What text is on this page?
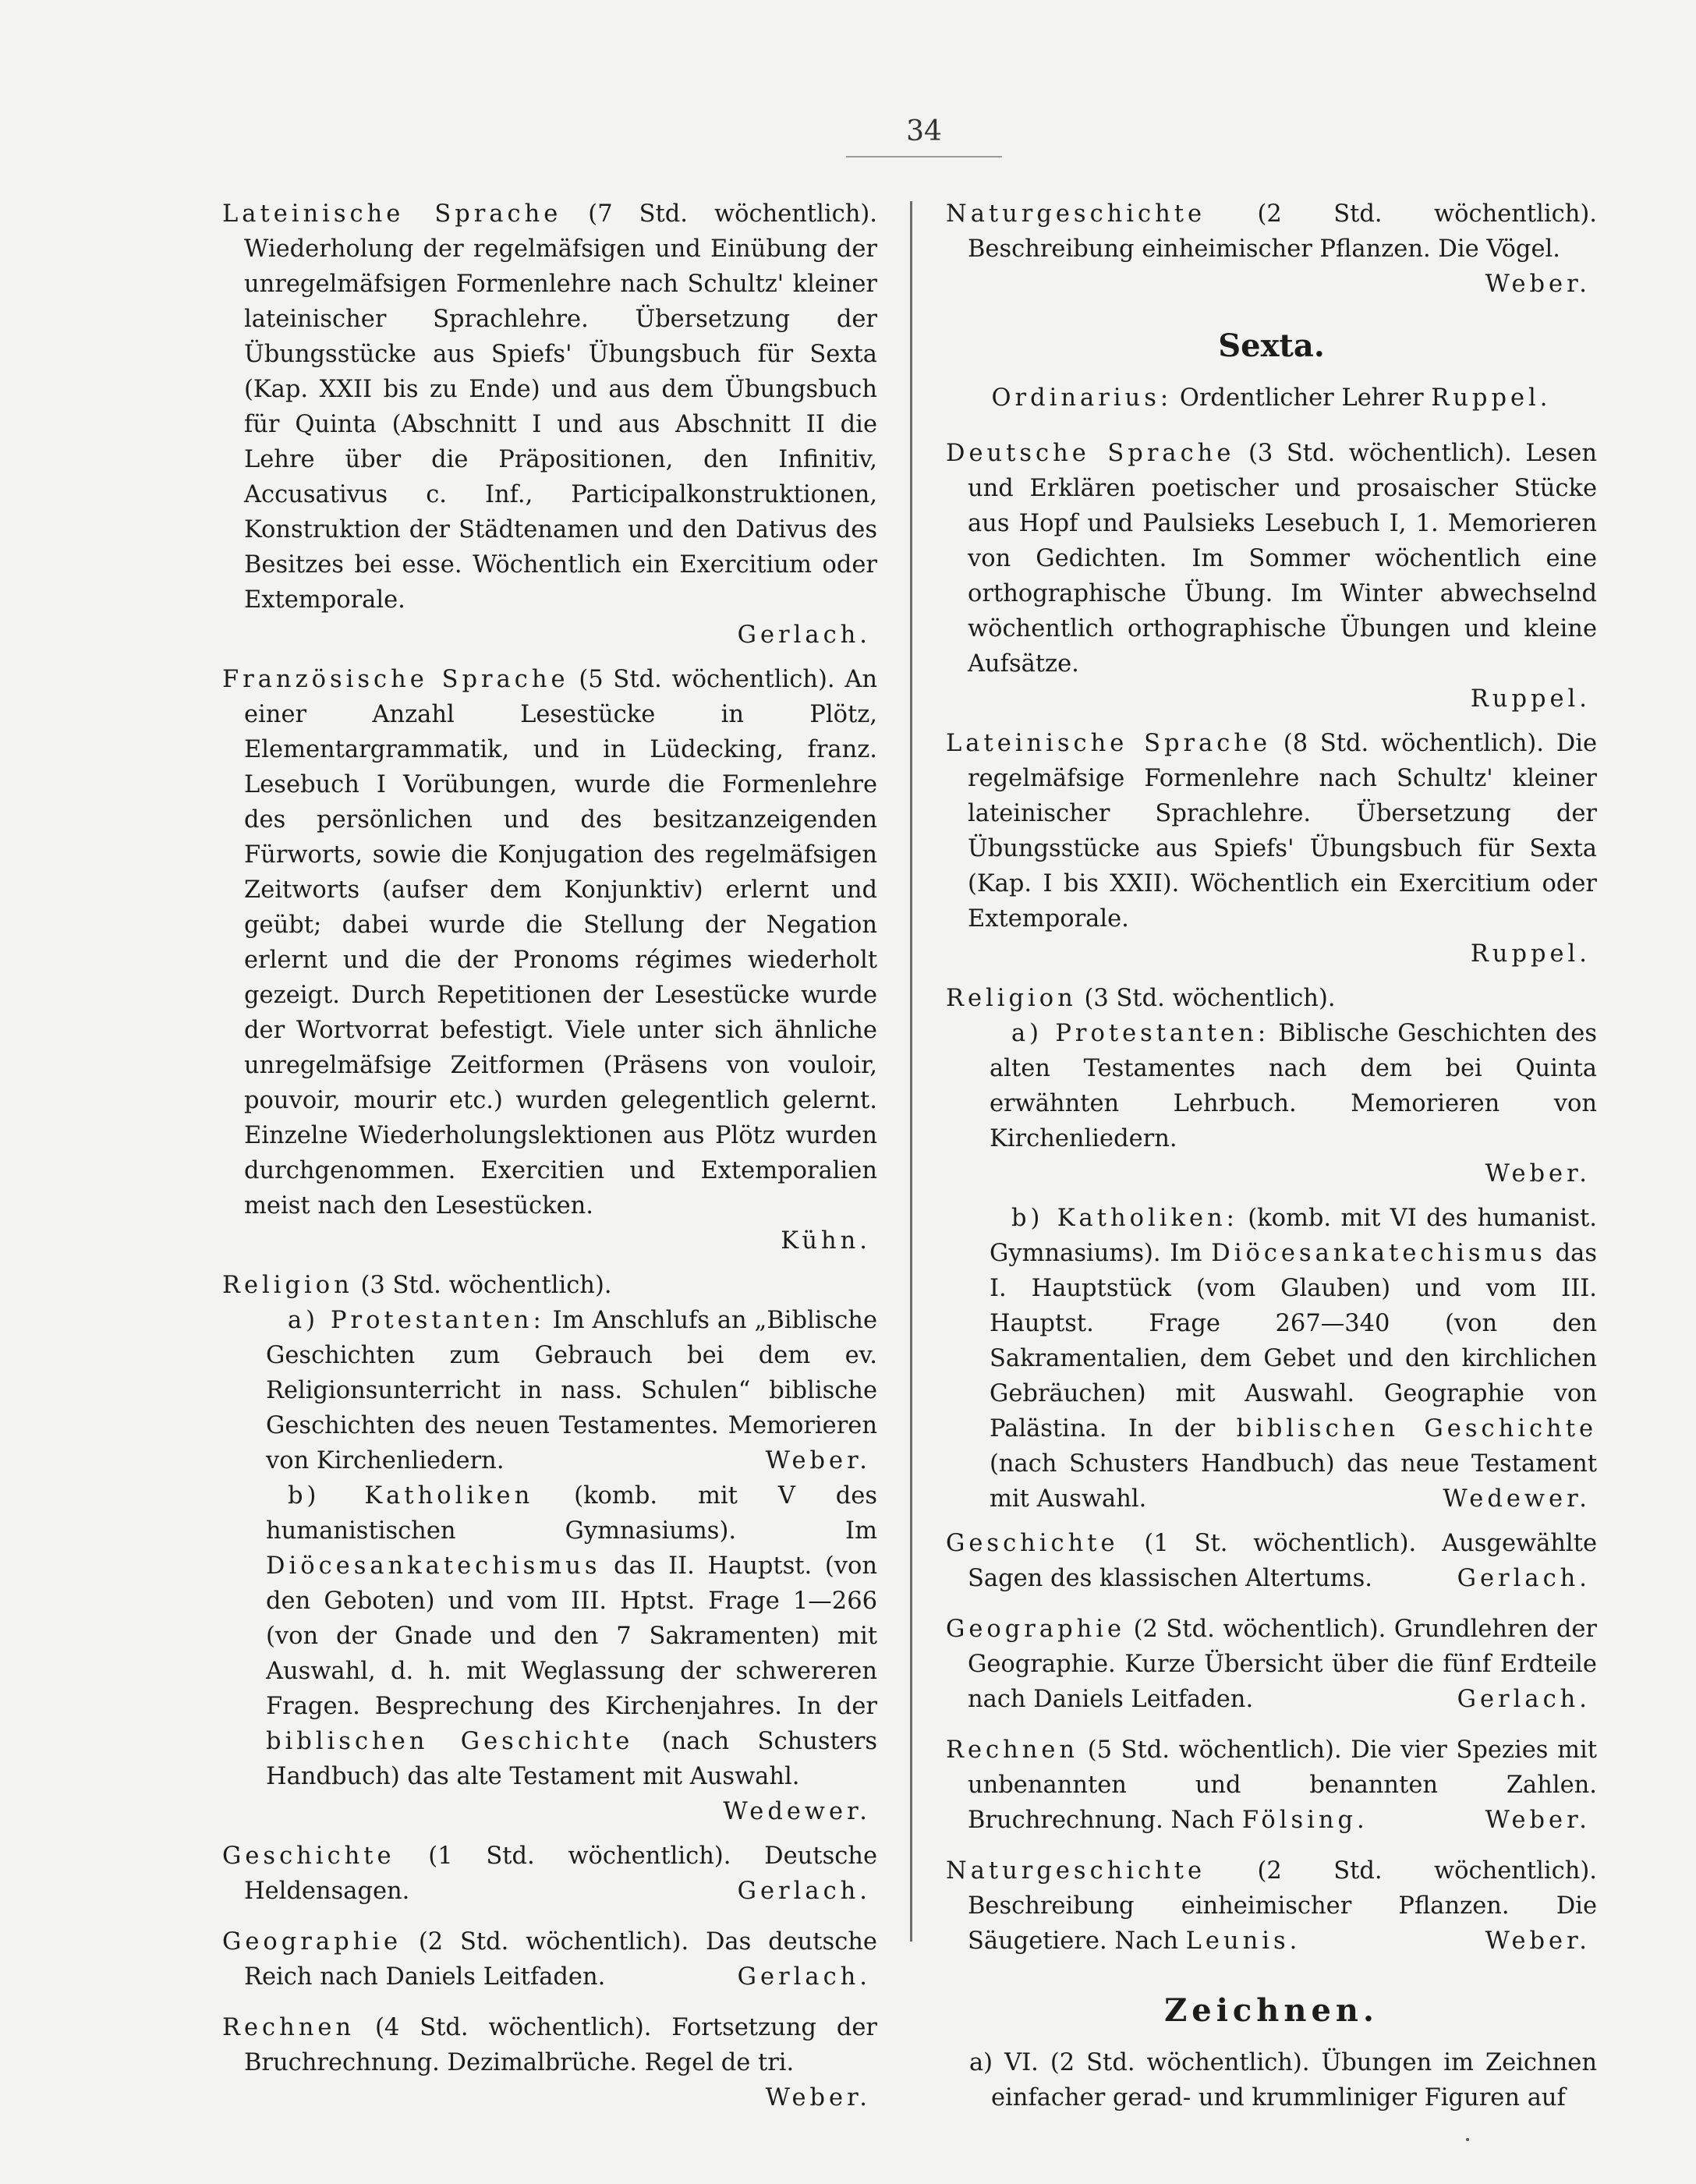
34

Lateinische Sprache (7 Std. wöchentlich). Wiederholung der regelmäfsigen und Einübung der unregelmäfsigen Formenlehre nach Schultz' kleiner lateinischer Sprachlehre. Übersetzung der Übungsstücke aus Spiefs' Übungsbuch für Sexta (Kap. XXII bis zu Ende) und aus dem Übungsbuch für Quinta (Abschnitt I und aus Abschnitt II die Lehre über die Präpositionen, den Infinitiv, Accusativus c. Inf., Participalkonstruktionen, Konstruktion der Städtenamen und den Dativus des Besitzes bei esse. Wöchentlich ein Exercitium oder Extemporale.
Gerlach.

Französische Sprache (5 Std. wöchentlich). An einer Anzahl Lesestücke in Plötz, Elementargrammatik, und in Lüdecking, franz. Lesebuch I Vorübungen, wurde die Formenlehre des persönlichen und des besitzanzeigenden Fürworts, sowie die Konjugation des regelmäfsigen Zeitworts (aufser dem Konjunktiv) erlernt und geübt; dabei wurde die Stellung der Negation erlernt und die der Pronoms régimes wiederholt gezeigt. Durch Repetitionen der Lesestücke wurde der Wortvorrat befestigt. Viele unter sich ähnliche unregelmäfsige Zeitformen (Präsens von vouloir, pouvoir, mourir etc.) wurden gelegentlich gelernt. Einzelne Wiederholungslektionen aus Plötz wurden durchgenommen. Exercitien und Extemporalien meist nach den Lesestücken.
Kühn.

Religion (3 Std. wöchentlich).

a) Protestanten: Im Anschlufs an „Biblische Geschichten zum Gebrauch bei dem ev. Religionsunterricht in nass. Schulen“ biblische Geschichten des neuen Testamentes. Memorieren von Kirchenliedern.	Weber.

b) Katholiken (komb. mit V des humanistischen Gymnasiums). Im Diöcesankatechismus das II. Hauptst. (von den Geboten) und vom III. Hptst. Frage 1—266 (von der Gnade und den 7 Sakramenten) mit Auswahl, d. h. mit Weglassung der schwereren Fragen. Besprechung des Kirchenjahres. In der biblischen Geschichte (nach Schusters Handbuch) das alte Testament mit Auswahl.
Wedewer.

Geschichte (1 Std. wöchentlich). Deutsche Heldensagen.	Gerlach.

Geographie (2 Std. wöchentlich). Das deutsche Reich nach Daniels Leitfaden.	Gerlach.

Rechnen (4 Std. wöchentlich). Fortsetzung der Bruchrechnung. Dezimalbrüche. Regel de tri.
Weber.

Naturgeschichte (2 Std. wöchentlich). Beschreibung einheimischer Pflanzen. Die Vögel.
Weber.

Sexta.

Ordinarius: Ordentlicher Lehrer Ruppel.

Deutsche Sprache (3 Std. wöchentlich). Lesen und Erklären poetischer und prosaischer Stücke aus Hopf und Paulsieks Lesebuch I, 1. Memorieren von Gedichten. Im Sommer wöchentlich eine orthographische Übung. Im Winter abwechselnd wöchentlich orthographische Übungen und kleine Aufsätze.
Ruppel.

Lateinische Sprache (8 Std. wöchentlich). Die regelmäfsige Formenlehre nach Schultz' kleiner lateinischer Sprachlehre. Übersetzung der Übungsstücke aus Spiefs' Übungsbuch für Sexta (Kap. I bis XXII). Wöchentlich ein Exercitium oder Extemporale.
Ruppel.

Religion (3 Std. wöchentlich).

a) Protestanten: Biblische Geschichten des alten Testamentes nach dem bei Quinta erwähnten Lehrbuch. Memorieren von Kirchenliedern.
Weber.

b) Katholiken: (komb. mit VI des humanist. Gymnasiums). Im Diöcesankatechismus das I. Hauptstück (vom Glauben) und vom III. Hauptst. Frage 267—340 (von den Sakramentalien, dem Gebet und den kirchlichen Gebräuchen) mit Auswahl. Geographie von Palästina. In der biblischen Geschichte (nach Schusters Handbuch) das neue Testament mit Auswahl.	Wedewer.

Geschichte (1 St. wöchentlich). Ausgewählte Sagen des klassischen Altertums.	Gerlach.

Geographie (2 Std. wöchentlich). Grundlehren der Geographie. Kurze Übersicht über die fünf Erdteile nach Daniels Leitfaden.	Gerlach.

Rechnen (5 Std. wöchentlich). Die vier Spezies mit unbenannten und benannten Zahlen. Bruchrechnung. Nach Fölsing.	Weber.

Naturgeschichte (2 Std. wöchentlich). Beschreibung einheimischer Pflanzen. Die Säugetiere. Nach Leunis.	Weber.

Zeichnen.

a) VI. (2 Std. wöchentlich). Übungen im Zeichnen einfacher gerad- und krummliniger Figuren auf
